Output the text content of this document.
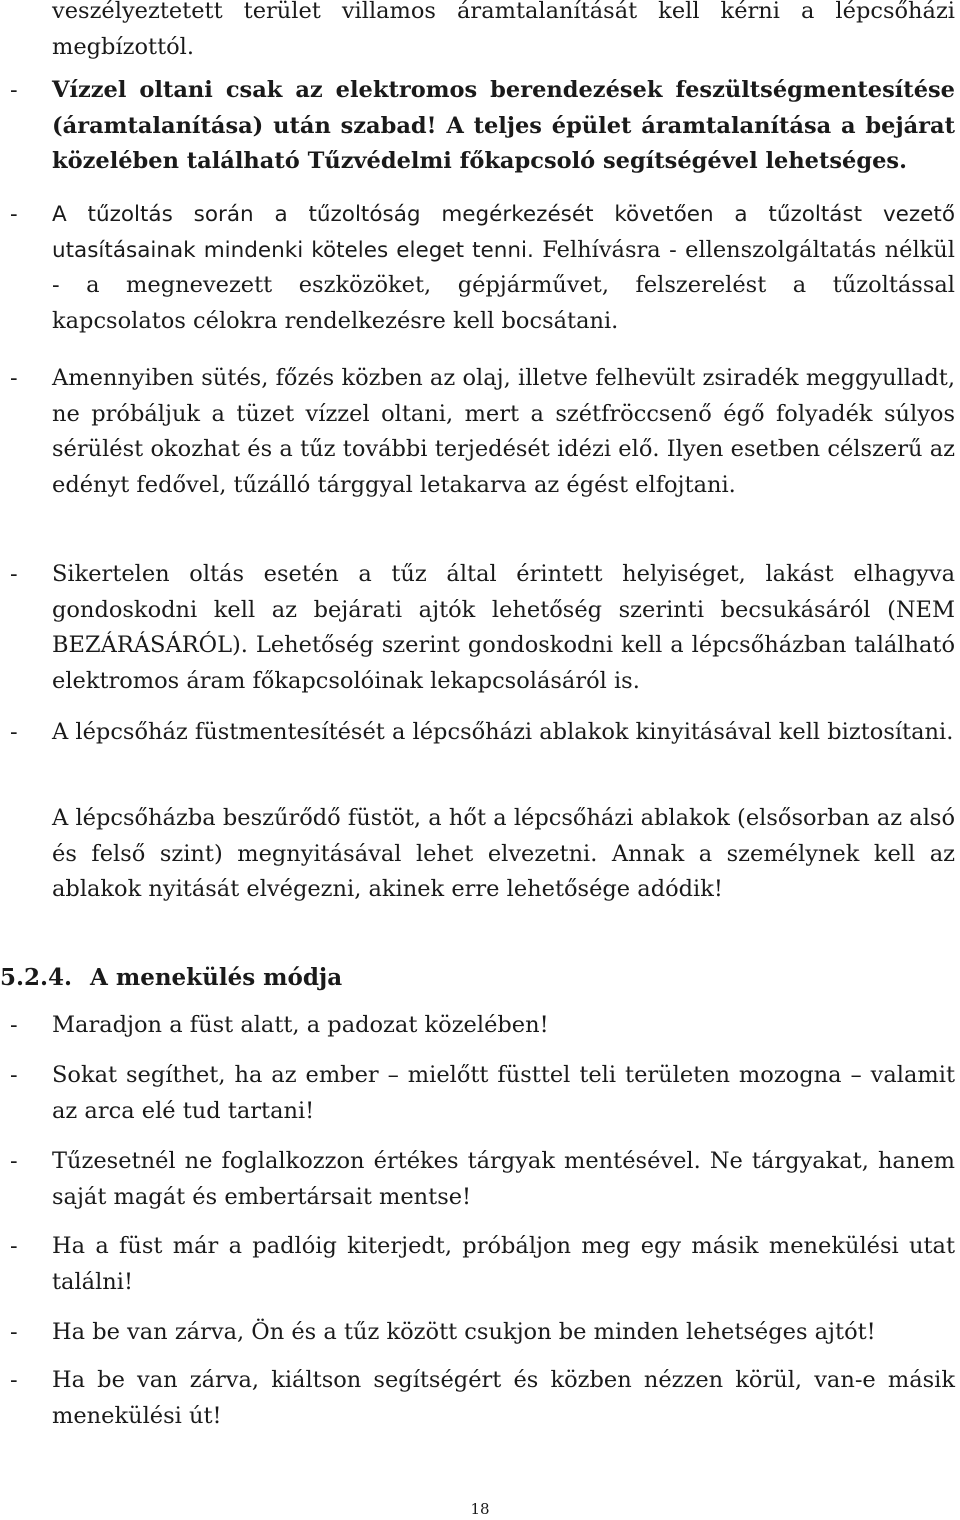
veszélyeztetett terület villamos áramtalanítását kell kérni a lépcsőházi megbízottól.

- Vízzel oltani csak az elektromos berendezések feszültségmentesítése (áramtalanítása) után szabad! A teljes épület áramtalanítása a bejárat közelében található Tűzvédelmi főkapcsoló segítségével lehetséges.

- A tűzoltás során a tűzoltóság megérkezését követően a tűzoltást vezető utasításainak mindenki köteles eleget tenni. Felhívásra - ellenszolgáltatás nélkül - a megnevezett eszközöket, gépjárművet, felszerelést a tűzoltással kapcsolatos célokra rendelkezésre kell bocsátani.

- Amennyiben sütés, főzés közben az olaj, illetve felhevült zsiradék meggyulladt, ne próbáljuk a tüzet vízzel oltani, mert a szétfröccsenő égő folyadék súlyos sérülést okozhat és a tűz további terjedését idézi elő. Ilyen esetben célszerű az edényt fedővel, tűzálló tárggyal letakarva az égést elfojtani.

- Sikertelen oltás esetén a tűz által érintett helyiséget, lakást elhagyva gondoskodni kell az bejárati ajtók lehetőség szerinti becsukásáról (NEM BEZÁRÁSÁRÓL). Lehetőség szerint gondoskodni kell a lépcsőházban található elektromos áram főkapcsolóinak lekapcsolásáról is.

- A lépcsőház füstmentesítését a lépcsőházi ablakok kinyitásával kell biztosítani.

A lépcsőházba beszűrődő füstöt, a hőt a lépcsőházi ablakok (elsősorban az alsó és felső szint) megnyitásával lehet elvezetni. Annak a személynek kell az ablakok nyitását elvégezni, akinek erre lehetősége adódik!

5.2.4. A menekülés módja
- Maradjon a füst alatt, a padozat közelében!

- Sokat segíthet, ha az ember – mielőtt füsttel teli területen mozogna – valamit az arca elé tud tartani!

- Tűzesetnél ne foglalkozzon értékes tárgyak mentésével. Ne tárgyakat, hanem saját magát és embertársait mentse!

- Ha a füst már a padlóig kiterjedt, próbáljon meg egy másik menekülési utat találni!

- Ha be van zárva, Ön és a tűz között csukjon be minden lehetséges ajtót!

- Ha be van zárva, kiáltson segítségért és közben nézzen körül, van-e másik menekülési út!

18
